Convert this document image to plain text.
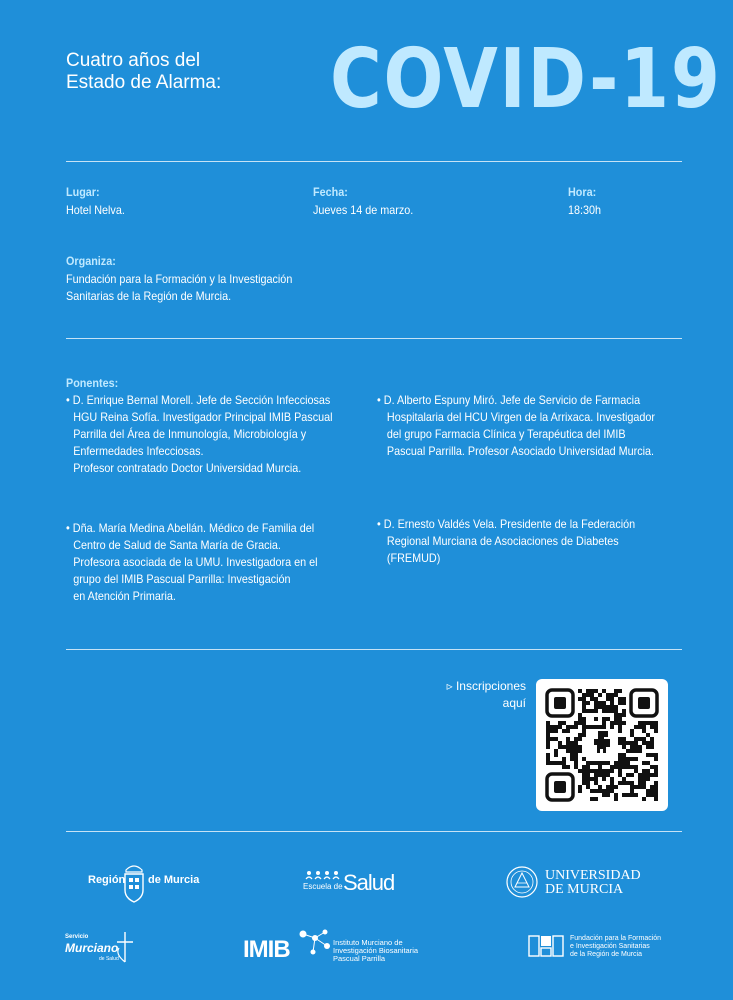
Cuatro años del
Estado de Alarma:	COVID-19
Lugar:
Hotel Nelva.
Fecha:
Jueves 14 de marzo.
Hora:
18:30h
Organiza:
Fundación para la Formación y la Investigación
Sanitarias de la Región de Murcia.
Ponentes:
• D. Enrique Bernal Morell. Jefe de Sección Infecciosas
HGU Reina Sofía. Investigador Principal IMIB Pascual
Parrilla del Área de Inmunología, Microbiología y
Enfermedades Infecciosas.
Profesor contratado Doctor Universidad Murcia.
• D. Alberto Espuny Miró. Jefe de Servicio de Farmacia
Hospitalaria del HCU Virgen de la Arrixaca. Investigador
del grupo Farmacia Clínica y Terapéutica del IMIB
Pascual Parrilla. Profesor Asociado Universidad Murcia.
• Dña. María Medina Abellán. Médico de Familia del
Centro de Salud de Santa María de Gracia.
Profesora asociada de la UMU. Investigadora en el
grupo del IMIB Pascual Parrilla: Investigación
en Atención Primaria.
• D. Ernesto Valdés Vela. Presidente de la Federación
Regional Murciana de Asociaciones de Diabetes
(FREMUD)
▹ Inscripciones
aquí
Región de Murcia
Escuela de Salud	UNIVERSIDAD
DE MURCIA
Servicio
Murciano
de Salud	IMIB	Instituto Murciano de
Investigación Biosanitaria
Pascual Parrilla
Fundación para la Formación
e Investigación Sanitarias
de la Región de Murcia
